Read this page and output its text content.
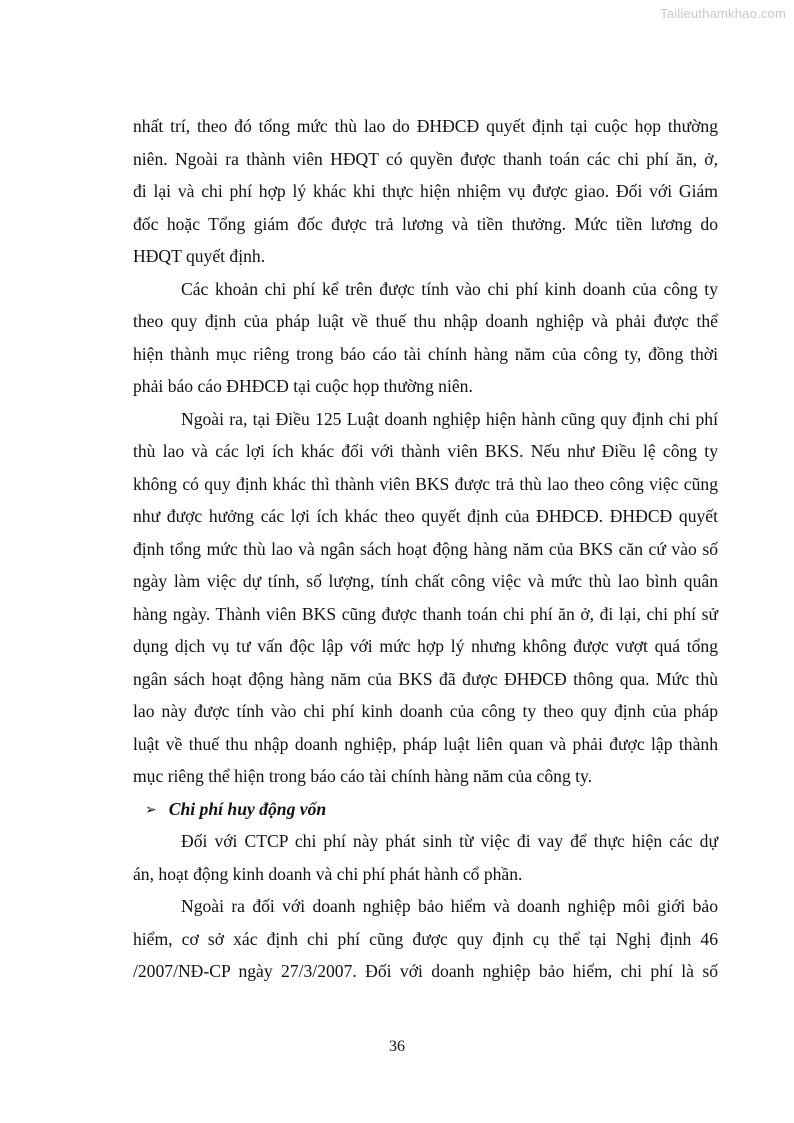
Tailieuthamkhao.com
nhất trí, theo đó tổng mức thù lao do ĐHĐCĐ quyết định tại cuộc họp thường
niên. Ngoài ra thành viên HĐQT có quyền được thanh toán các chi phí ăn, ở,
đi lại và chi phí hợp lý khác khi thực hiện nhiệm vụ được giao. Đối với Giám
đốc hoặc Tổng giám đốc được trả lương và tiền thưởng. Mức tiền lương do
HĐQT quyết định.
Các khoản chi phí kể trên được tính vào chi phí kinh doanh của công ty
theo quy định của pháp luật về thuế thu nhập doanh nghiệp và phải được thể
hiện thành mục riêng trong báo cáo tài chính hàng năm của công ty, đồng thời
phải báo cáo ĐHĐCĐ tại cuộc họp thường niên.
Ngoài ra, tại Điều 125 Luật doanh nghiệp hiện hành cũng quy định chi phí
thù lao và các lợi ích khác đối với thành viên BKS. Nếu như Điều lệ công ty
không có quy định khác thì thành viên BKS được trả thù lao theo công việc cũng
như được hưởng các lợi ích khác theo quyết định của ĐHĐCĐ. ĐHĐCĐ quyết
định tổng mức thù lao và ngân sách hoạt động hàng năm của BKS căn cứ vào số
ngày làm việc dự tính, số lượng, tính chất công việc và mức thù lao bình quân
hàng ngày. Thành viên BKS cũng được thanh toán chi phí ăn ở, đi lại, chi phí sử
dụng dịch vụ tư vấn độc lập với mức hợp lý nhưng không được vượt quá tổng
ngân sách hoạt động hàng năm của BKS đã được ĐHĐCĐ thông qua. Mức thù
lao này được tính vào chi phí kinh doanh của công ty theo quy định của pháp
luật về thuế thu nhập doanh nghiệp, pháp luật liên quan và phải được lập thành
mục riêng thể hiện trong báo cáo tài chính hàng năm của công ty.
➢ Chi phí huy động vốn
Đối với CTCP chi phí này phát sinh từ việc đi vay để thực hiện các dự
án, hoạt động kinh doanh và chi phí phát hành cổ phần.
Ngoài ra đối với doanh nghiệp bảo hiểm và doanh nghiệp môi giới bảo
hiểm, cơ sở xác định chi phí cũng được quy định cụ thể tại Nghị định 46
/2007/NĐ-CP ngày 27/3/2007. Đối với doanh nghiệp bảo hiểm, chi phí là số
36
